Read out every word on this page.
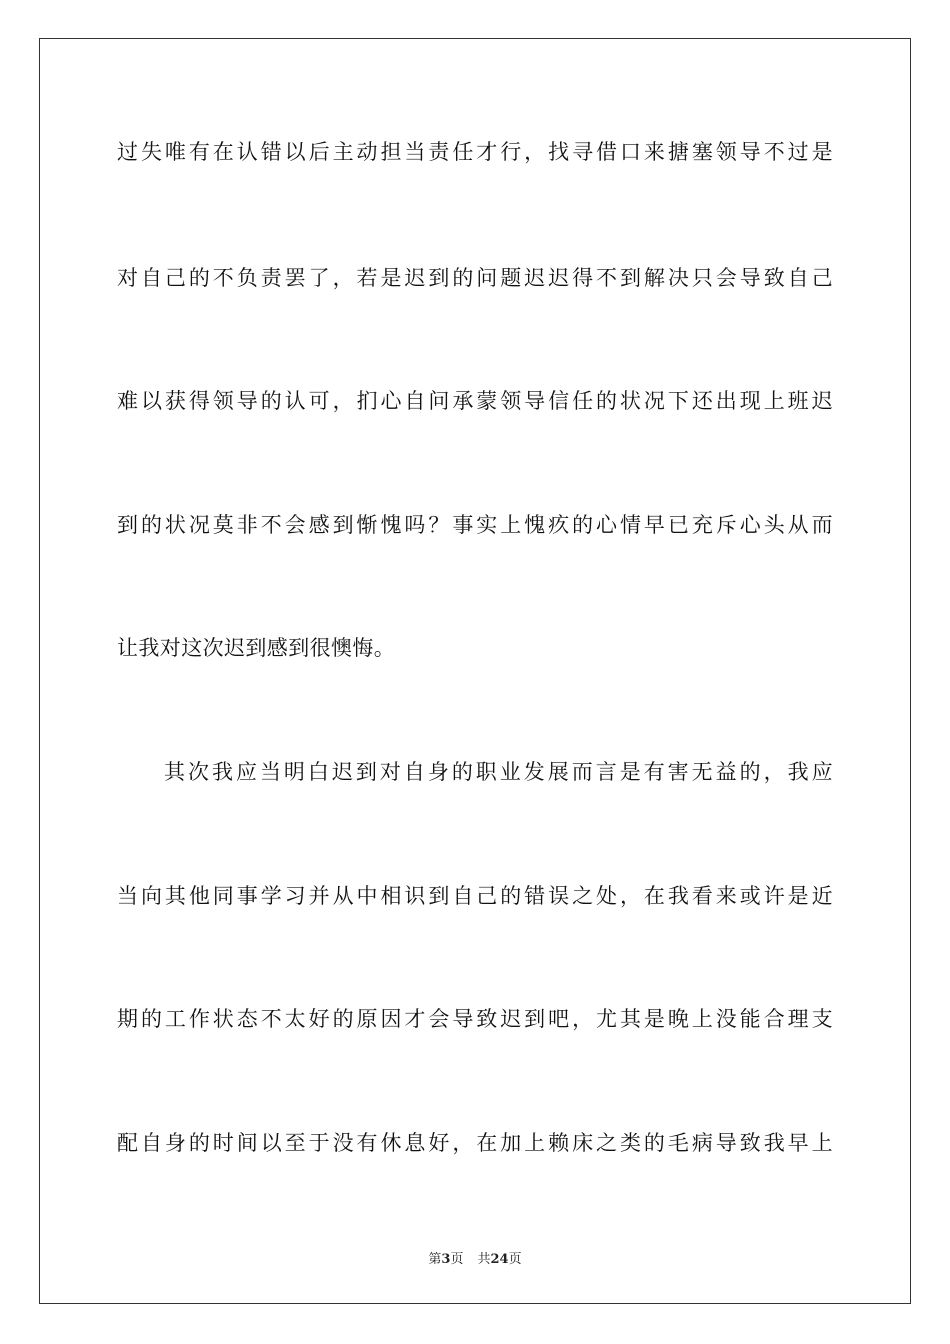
过失唯有在认错以后主动担当责任才行，找寻借口来搪塞领导不过是
对自己的不负责罢了，若是迟到的问题迟迟得不到解决只会导致自己
难以获得领导的认可，扪心自问承蒙领导信任的状况下还出现上班迟
到的状况莫非不会感到惭愧吗？事实上愧疚的心情早已充斥心头从而
让我对这次迟到感到很懊悔。
其次我应当明白迟到对自身的职业发展而言是有害无益的，我应
当向其他同事学习并从中相识到自己的错误之处，在我看来或许是近
期的工作状态不太好的原因才会导致迟到吧，尤其是晚上没能合理支
配自身的时间以至于没有休息好，在加上赖床之类的毛病导致我早上
第3页 共24页
